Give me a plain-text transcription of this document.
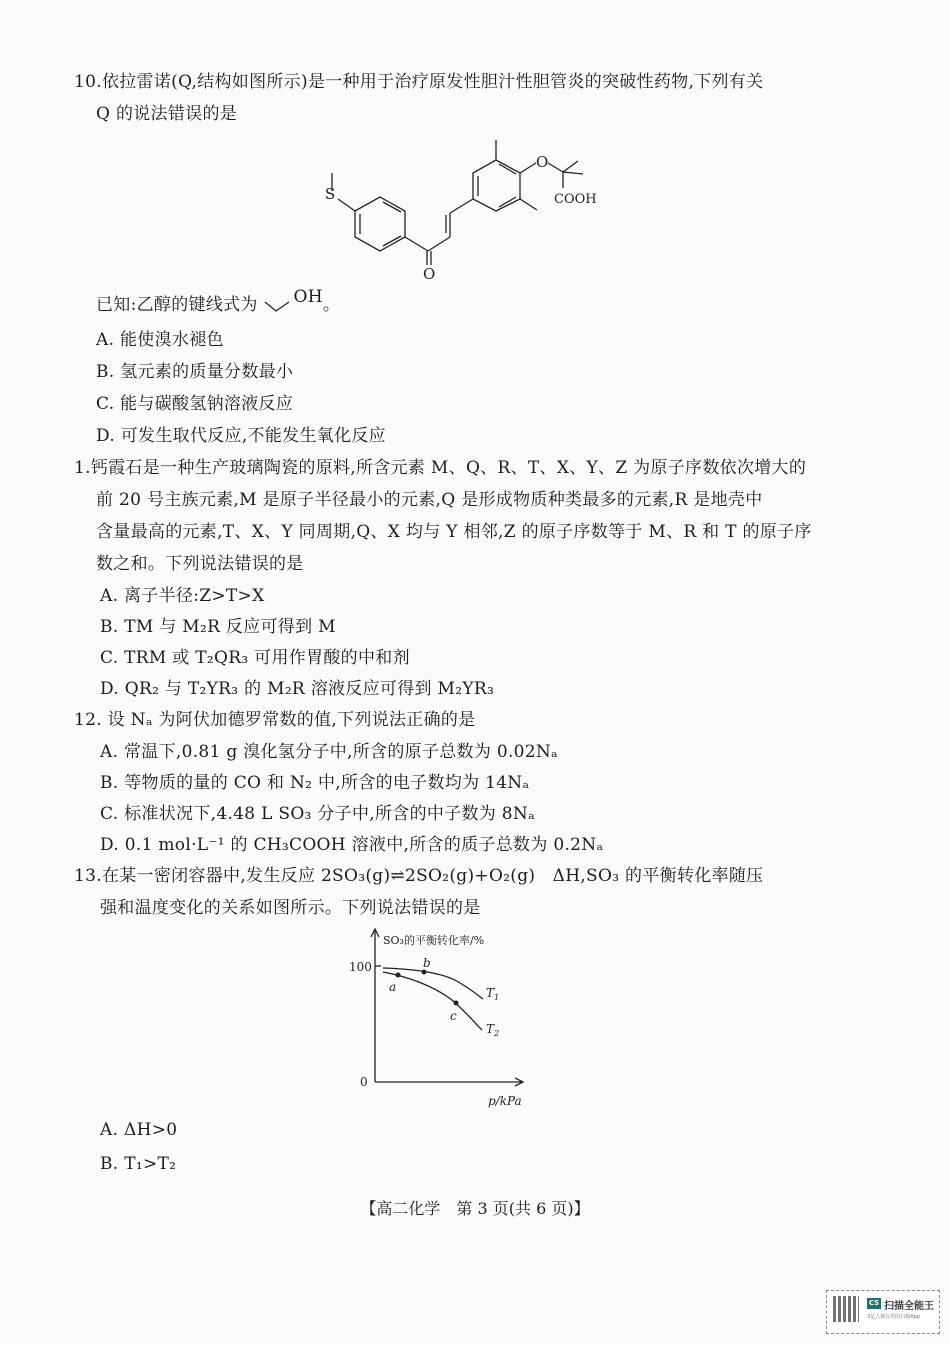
10.依拉雷诺(Q,结构如图所示)是一种用于治疗原发性胆汁性胆管炎的突破性药物,下列有关
Q 的说法错误的是
S
O
O
COOH
已知:乙醇的键线式为 OH。
A. 能使溴水褪色
B. 氢元素的质量分数最小
C. 能与碳酸氢钠溶液反应
D. 可发生取代反应,不能发生氧化反应
1.钙霞石是一种生产玻璃陶瓷的原料,所含元素 M、Q、R、T、X、Y、Z 为原子序数依次增大的
前 20 号主族元素,M 是原子半径最小的元素,Q 是形成物质种类最多的元素,R 是地壳中
含量最高的元素,T、X、Y 同周期,Q、X 均与 Y 相邻,Z 的原子序数等于 M、R 和 T 的原子序
数之和。下列说法错误的是
A. 离子半径:Z>T>X
B. TM 与 M₂R 反应可得到 M
C. TRM 或 T₂QR₃ 可用作胃酸的中和剂
D. QR₂ 与 T₂YR₃ 的 M₂R 溶液反应可得到 M₂YR₃
12. 设 Nₐ 为阿伏加德罗常数的值,下列说法正确的是
A. 常温下,0.81 g 溴化氢分子中,所含的原子总数为 0.02Nₐ
B. 等物质的量的 CO 和 N₂ 中,所含的电子数均为 14Nₐ
C. 标准状况下,4.48 L SO₃ 分子中,所含的中子数为 8Nₐ
D. 0.1 mol·L⁻¹ 的 CH₃COOH 溶液中,所含的质子总数为 0.2Nₐ
13.在某一密闭容器中,发生反应 2SO₃(g)⇌2SO₂(g)+O₂(g)　ΔH,SO₃ 的平衡转化率随压
强和温度变化的关系如图所示。下列说法错误的是
SO₃的平衡转化率/%
100
0
p/kPa
a
b
c
$T_1$
$T_2$
A. ΔH>0
B. T₁>T₂
【高二化学　第 3 页(共 6 页)】
CS 扫描全能王
3亿人都在用的扫描App
